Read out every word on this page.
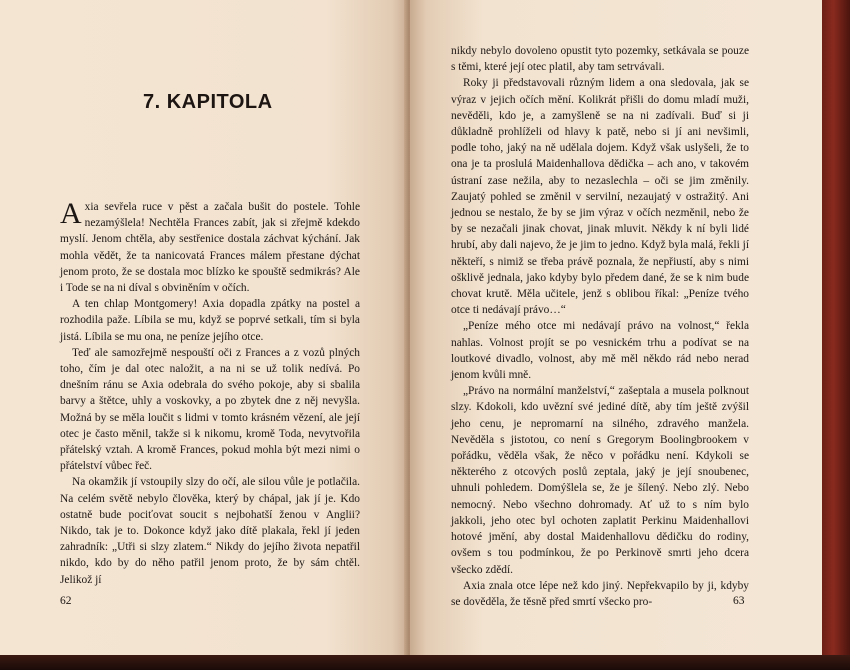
7. KAPITOLA

Axia sevřela ruce v pěst a začala bušit do postele. Tohle nezamýšlela! Nechtěla Frances zabít, jak si zřejmě kdekdo myslí. Jenom chtěla, aby sestřenice dostala záchvat kýchání. Jak mohla vědět, že ta nanicovatá Frances málem přestane dýchat jenom proto, že se dostala moc blízko ke spouště sedmikrás? Ale i Tode se na ni díval s obviněním v očích.

A ten chlap Montgomery! Axia dopadla zpátky na postel a rozhodila paže. Líbila se mu, když se poprvé setkali, tím si byla jistá. Líbila se mu ona, ne peníze jejího otce.

Teď ale samozřejmě nespouští oči z Frances a z vozů plných toho, čím je dal otec naložit, a na ni se už tolik nedívá. Po dnešním ránu se Axia odebrala do svého pokoje, aby si sbalila barvy a štětce, uhly a voskovky, a po zbytek dne z něj nevyšla. Možná by se měla loučit s lidmi v tomto krásném vězení, ale její otec je často měnil, takže si k nikomu, kromě Toda, nevytvořila přátelský vztah. A kromě Frances, pokud mohla být mezi nimi o přátelství vůbec řeč.

Na okamžik jí vstoupily slzy do očí, ale silou vůle je potlačila. Na celém světě nebylo člověka, který by chápal, jak jí je. Kdo ostatně bude pociťovat soucit s nejbohatší ženou v Anglii? Nikdo, tak je to. Dokonce když jako dítě plakala, řekl jí jeden zahradník: „Utři si slzy zlatem.“ Nikdy do jejího života nepatřil nikdo, kdo by do něho patřil jenom proto, že by sám chtěl. Jelikož jí

62

nikdy nebylo dovoleno opustit tyto pozemky, setkávala se pouze s těmi, které její otec platil, aby tam setrvávali.

Roky ji představovali různým lidem a ona sledovala, jak se výraz v jejich očích mění. Kolikrát přišli do domu mladí muži, nevěděli, kdo je, a zamyšleně se na ni zadívali. Buď si ji důkladně prohlíželi od hlavy k patě, nebo si jí ani nevšimli, podle toho, jaký na ně udělala dojem. Když však uslyšeli, že to ona je ta proslulá Maidenhallova dědička – ach ano, v takovém ústraní zase nežila, aby to nezaslechla – oči se jim změnily. Zaujatý pohled se změnil v servilní, nezaujatý v ostražitý. Ani jednou se nestalo, že by se jim výraz v očích nezměnil, nebo že by se nezačali jinak chovat, jinak mluvit. Někdy k ní byli lidé hrubí, aby dali najevo, že je jim to jedno. Když byla malá, řekli jí někteří, s nimiž se třeba právě poznala, že nepřiustí, aby s nimi ošklivě jednala, jako kdyby bylo předem dané, že se k nim bude chovat krutě. Měla učitele, jenž s oblibou říkal: „Peníze tvého otce ti nedávají právo…“

„Peníze mého otce mi nedávají právo na volnost,“ řekla nahlas. Volnost projít se po vesnickém trhu a podívat se na loutkové divadlo, volnost, aby mě měl někdo rád nebo nerad jenom kvůli mně.

„Právo na normální manželství,“ zašeptala a musela polknout slzy. Kdokoli, kdo uvězní své jediné dítě, aby tím ještě zvýšil jeho cenu, je nepromarní na silného, zdravého manžela. Nevěděla s jistotou, co není s Gregorym Boolingbrookem v pořádku, věděla však, že něco v pořádku není. Kdykoli se některého z otcových poslů zeptala, jaký je její snoubenec, uhnuli pohledem. Domýšlela se, že je šílený. Nebo zlý. Nebo nemocný. Nebo všechno dohromady. Ať už to s ním bylo jakkoli, jeho otec byl ochoten zaplatit Perkinu Maidenhallovi hotové jmění, aby dostal Maidenhallovu dědičku do rodiny, ovšem s tou podmínkou, že po Perkinově smrti jeho dcera všecko zdědí.

Axia znala otce lépe než kdo jiný. Nepřekvapilo by ji, kdyby se dověděla, že těsně před smrtí všecko pro-	63
